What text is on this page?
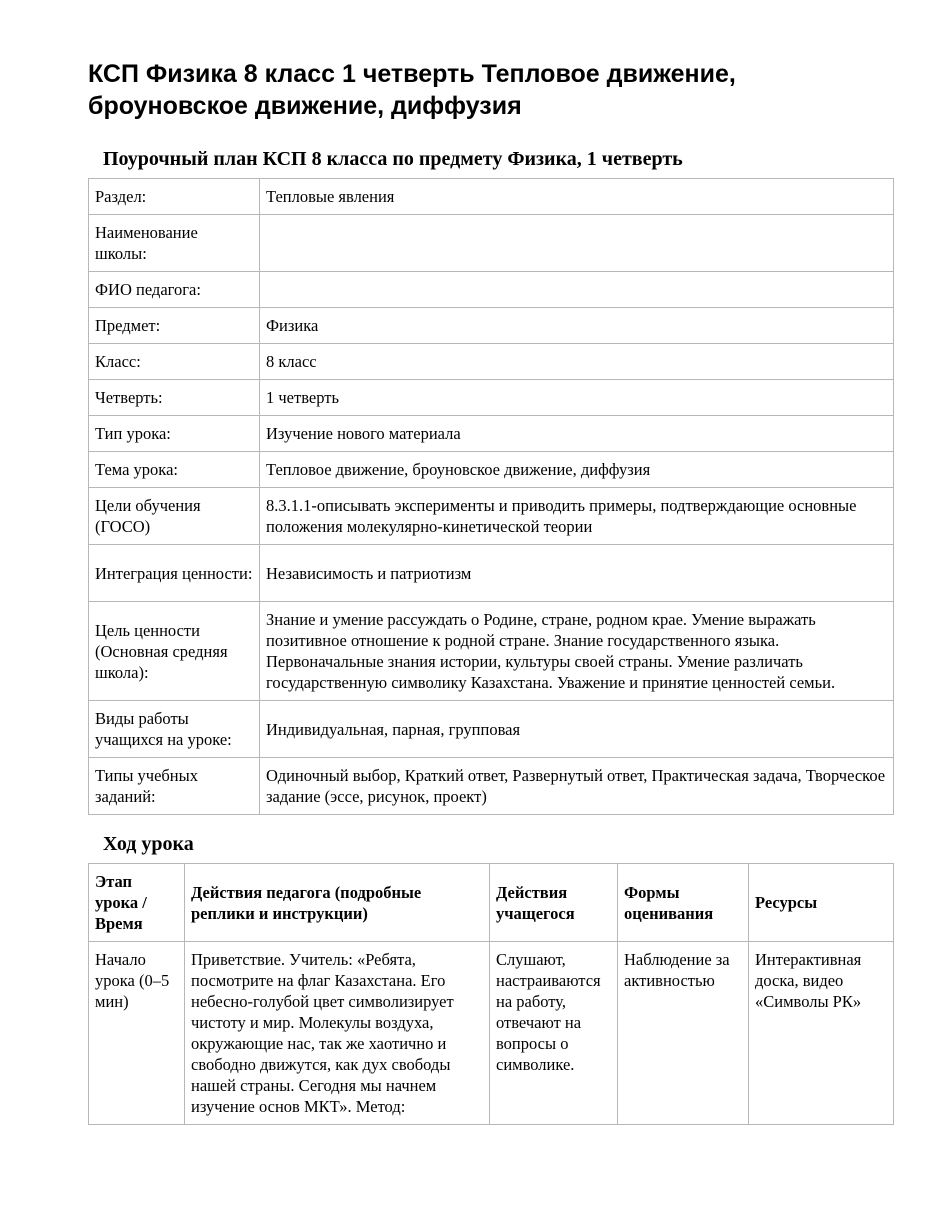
КСП Физика 8 класс 1 четверть Тепловое движение, броуновское движение, диффузия
Поурочный план КСП 8 класса по предмету Физика, 1 четверть
Раздел:	Тепловые явления
Наименование школы:	
ФИО педагога:	
Предмет:	Физика
Класс:	8 класс
Четверть:	1 четверть
Тип урока:	Изучение нового материала
Тема урока:	Тепловое движение, броуновское движение, диффузия
Цели обучения (ГОСО)	8.3.1.1-описывать эксперименты и приводить примеры, подтверждающие основные положения молекулярно-кинетической теории
Интеграция ценности:	Независимость и патриотизм
Цель ценности (Основная средняя школа):	Знание и умение рассуждать о Родине, стране, родном крае. Умение выражать позитивное отношение к родной стране. Знание государственного языка. Первоначальные знания истории, культуры своей страны. Умение различать государственную символику Казахстана. Уважение и принятие ценностей семьи.
Виды работы учащихся на уроке:	Индивидуальная, парная, групповая
Типы учебных заданий:	Одиночный выбор, Краткий ответ, Развернутый ответ, Практическая задача, Творческое задание (эссе, рисунок, проект)
Ход урока
Этап урока / Время	Действия педагога (подробные реплики и инструкции)	Действия учащегося	Формы оценивания	Ресурсы
Начало урока (0–5 мин)	Приветствие. Учитель: «Ребята, посмотрите на флаг Казахстана. Его небесно-голубой цвет символизирует чистоту и мир. Молекулы воздуха, окружающие нас, так же хаотично и свободно движутся, как дух свободы нашей страны. Сегодня мы начнем изучение основ МКТ». Метод:	Слушают, настраиваются на работу, отвечают на вопросы о символике.	Наблюдение за активностью	Интерактивная доска, видео «Символы РК»
